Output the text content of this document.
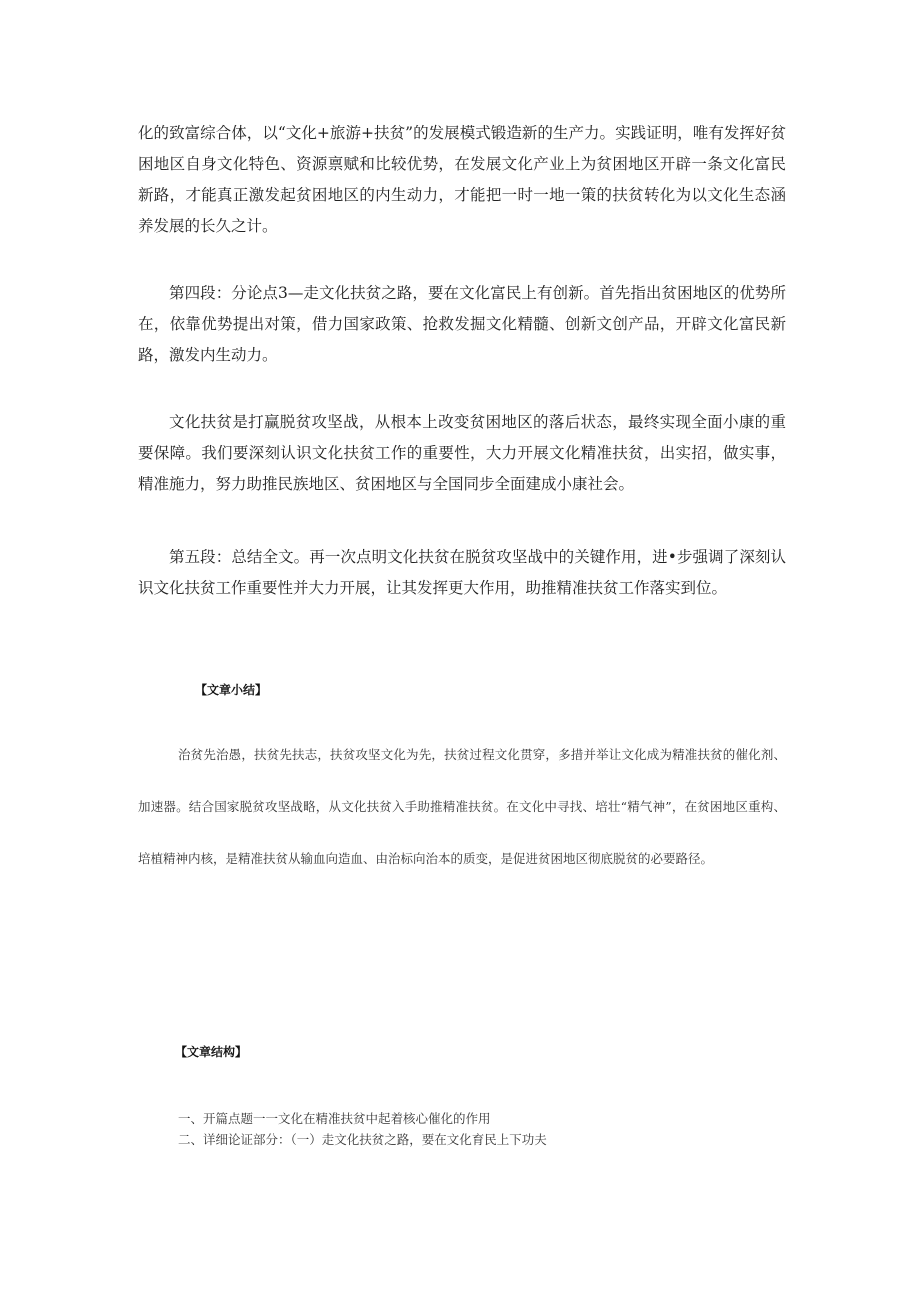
化的致富综合体，以“文化+旅游+扶贫”的发展模式锻造新的生产力。实践证明，唯有发挥好贫困地区自身文化特色、资源禀赋和比较优势，在发展文化产业上为贫困地区开辟一条文化富民新路，才能真正激发起贫困地区的内生动力，才能把一时一地一策的扶贫转化为以文化生态涵养发展的长久之计。

第四段：分论点3—走文化扶贫之路，要在文化富民上有创新。首先指出贫困地区的优势所在，依靠优势提出对策，借力国家政策、抢救发掘文化精髓、创新文创产品，开辟文化富民新路，激发内生动力。

文化扶贫是打赢脱贫攻坚战，从根本上改变贫困地区的落后状态，最终实现全面小康的重要保障。我们要深刻认识文化扶贫工作的重要性，大力开展文化精准扶贫，出实招，做实事，精准施力，努力助推民族地区、贫困地区与全国同步全面建成小康社会。

第五段：总结全文。再一次点明文化扶贫在脱贫攻坚战中的关键作用，进•步强调了深刻认识文化扶贫工作重要性并大力开展，让其发挥更大作用，助推精准扶贫工作落实到位。

【文章小结】

治贫先治愚，扶贫先扶志，扶贫攻坚文化为先，扶贫过程文化贯穿，多措并举让文化成为精准扶贫的催化剂、加速器。结合国家脱贫攻坚战略，从文化扶贫入手助推精准扶贫。在文化中寻找、培壮“精气神”，在贫困地区重构、培植精神内核，是精准扶贫从输血向造血、由治标向治本的质变，是促进贫困地区彻底脱贫的必要路径。

【文章结构】

一、开篇点题一一文化在精准扶贫中起着核心催化的作用
二、详细论证部分：（一）走文化扶贫之路，要在文化育民上下功夫
